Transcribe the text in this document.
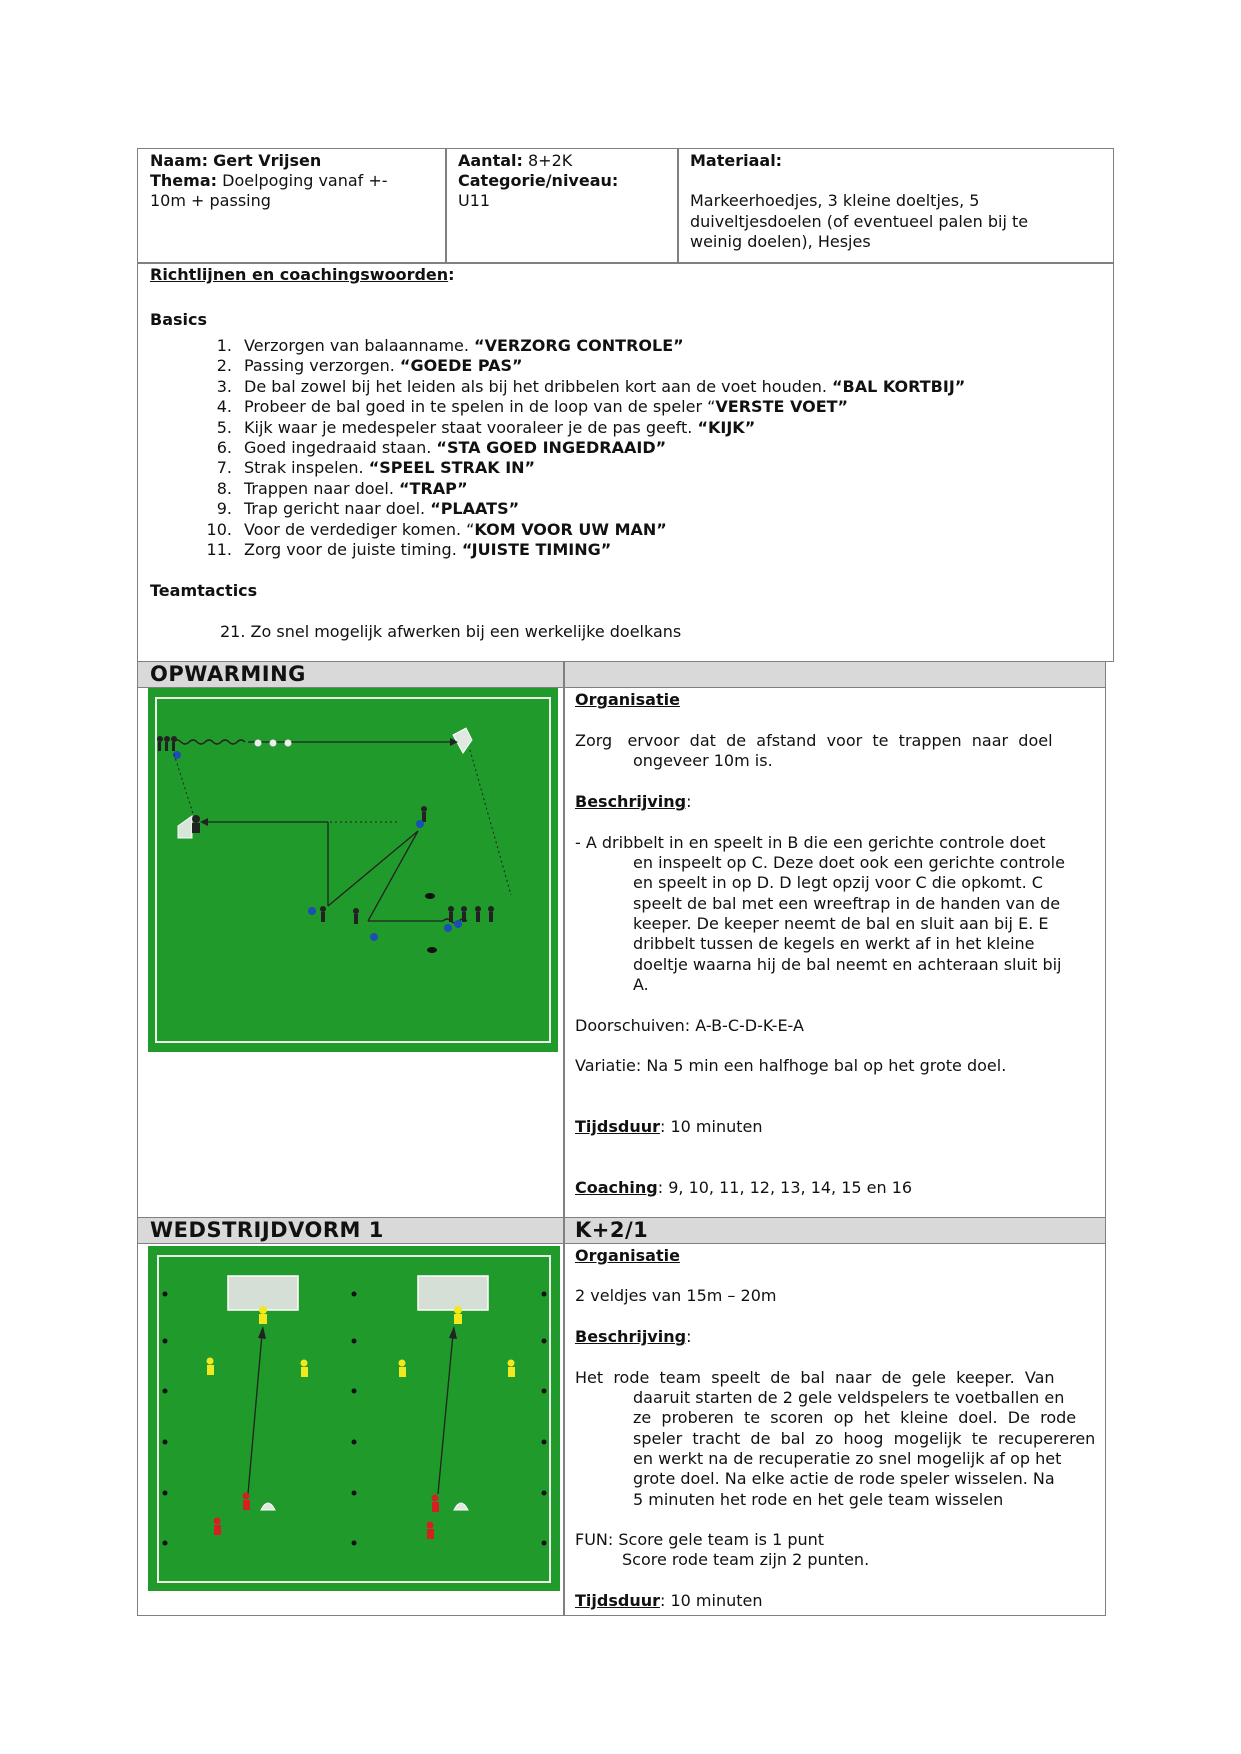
Naam: Gert Vrijsen
Thema: Doelpoging vanaf +-
10m + passing
Aantal: 8+2K
Categorie/niveau:
U11
Materiaal:
Markeerhoedjes, 3 kleine doeltjes, 5
duiveltjesdoelen (of eventueel palen bij te
weinig doelen), Hesjes
Richtlijnen en coachingswoorden:
Basics
1. Verzorgen van balaanname. “VERZORG CONTROLE”
2. Passing verzorgen. “GOEDE PAS”
3. De bal zowel bij het leiden als bij het dribbelen kort aan de voet houden. “BAL KORTBIJ”
4. Probeer de bal goed in te spelen in de loop van de speler “VERSTE VOET”
5. Kijk waar je medespeler staat vooraleer je de pas geeft. “KIJK”
6. Goed ingedraaid staan. “STA GOED INGEDRAAID”
7. Strak inspelen. “SPEEL STRAK IN”
8. Trappen naar doel. “TRAP”
9. Trap gericht naar doel. “PLAATS”
10. Voor de verdediger komen. “KOM VOOR UW MAN”
11. Zorg voor de juiste timing. “JUISTE TIMING”
Teamtactics
21. Zo snel mogelijk afwerken bij een werkelijke doelkans
OPWARMING
Organisatie
Zorg   ervoor  dat  de  afstand  voor  te  trappen  naar  doel
ongeveer 10m is.
Beschrijving:
- A dribbelt in en speelt in B die een gerichte controle doet
en inspeelt op C. Deze doet ook een gerichte controle
en speelt in op D. D legt opzij voor C die opkomt. C
speelt de bal met een wreeftrap in de handen van de
keeper. De keeper neemt de bal en sluit aan bij E. E
dribbelt tussen de kegels en werkt af in het kleine
doeltje waarna hij de bal neemt en achteraan sluit bij
A.
Doorschuiven: A-B-C-D-K-E-A
Variatie: Na 5 min een halfhoge bal op het grote doel.
Tijdsduur: 10 minuten
Coaching: 9, 10, 11, 12, 13, 14, 15 en 16
WEDSTRIJDVORM 1	K+2/1
Organisatie
2 veldjes van 15m – 20m
Beschrijving:
Het  rode  team  speelt  de  bal  naar  de  gele  keeper.  Van
daaruit starten de 2 gele veldspelers te voetballen en
ze  proberen  te  scoren  op  het  kleine  doel.  De  rode
speler  tracht  de  bal  zo  hoog  mogelijk  te  recupereren
en werkt na de recuperatie zo snel mogelijk af op het
grote doel. Na elke actie de rode speler wisselen. Na
5 minuten het rode en het gele team wisselen
FUN: Score gele team is 1 punt
Score rode team zijn 2 punten.
Tijdsduur: 10 minuten
